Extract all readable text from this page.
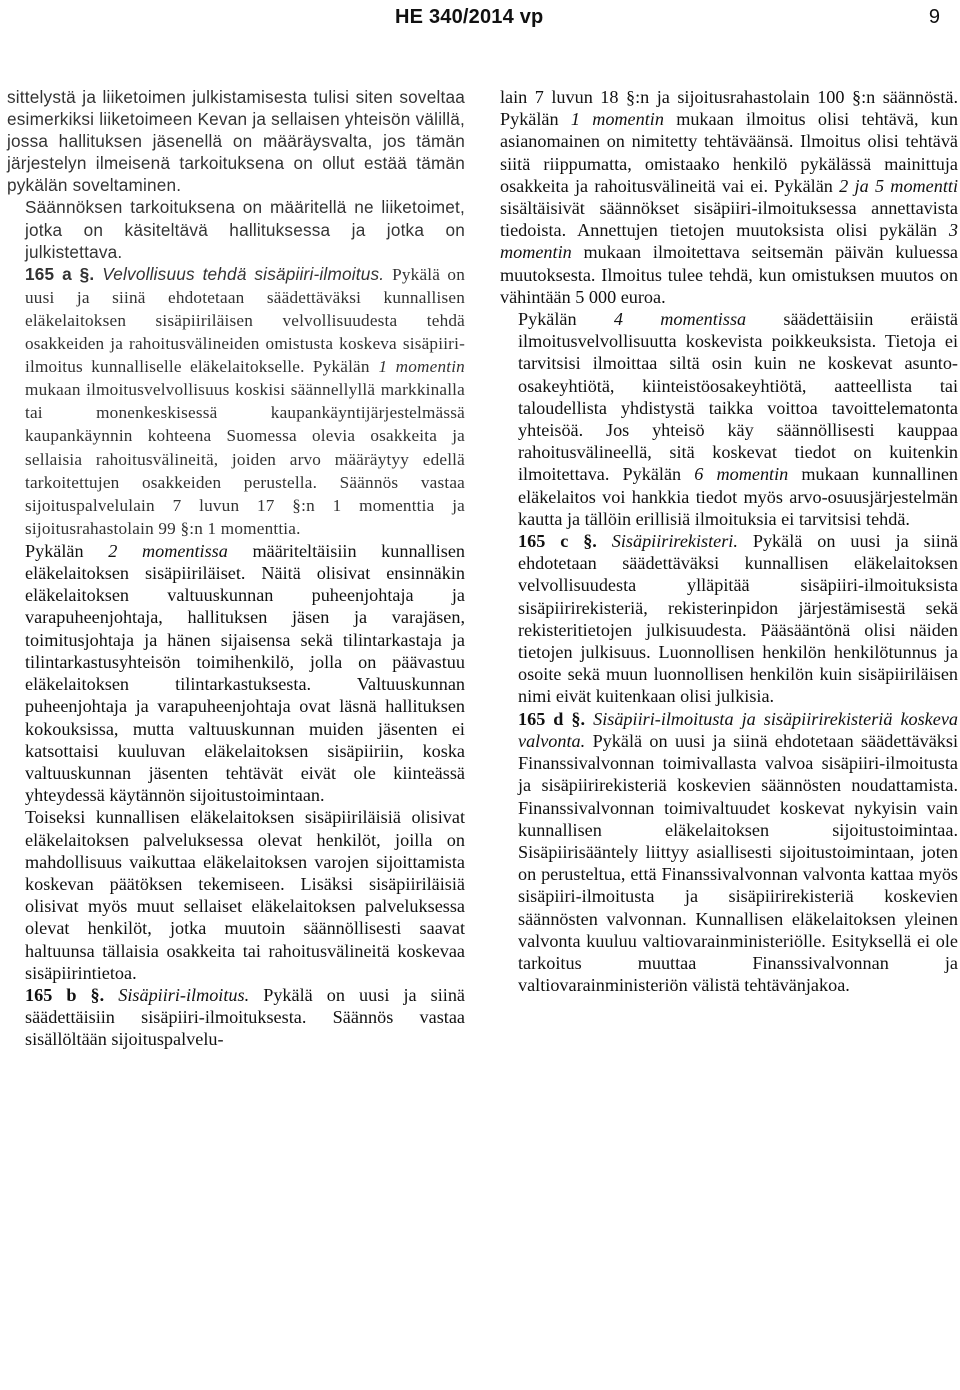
HE 340/2014 vp	9

sittelystä ja liiketoimen julkistamisesta tulisi siten soveltaa esimerkiksi liiketoimeen Kevan ja sellaisen yhteisön välillä, jossa hallituksen jäsenellä on määräysvalta, jos tämän järjestelyn ilmeisenä tarkoituksena on ollut estää tämän pykälän soveltaminen.

Säännöksen tarkoituksena on määritellä ne liiketoimet, jotka on käsiteltävä hallituksessa ja jotka on julkistettava.

165 a §. Velvollisuus tehdä sisäpiiri-ilmoitus. Pykälä on uusi ja siinä ehdotetaan säädettäväksi kunnallisen eläkelaitoksen sisäpiiriläisen velvollisuudesta tehdä osakkeiden ja rahoitusvälineiden omistusta koskeva sisäpiiri-ilmoitus kunnalliselle eläkelaitokselle. Pykälän 1 momentin mukaan ilmoitusvelvollisuus koskisi säännellyllä markkinalla tai monenkeskisessä kaupankäyntijärjestelmässä kaupankäynnin kohteena Suomessa olevia osakkeita ja sellaisia rahoitusvälineitä, joiden arvo määräytyy edellä tarkoitettujen osakkeiden perustella. Säännös vastaa sijoituspalvelulain 7 luvun 17 §:n 1 momenttia ja sijoitusrahastolain 99 §:n 1 momenttia.

Pykälän 2 momentissa määriteltäisiin kunnallisen eläkelaitoksen sisäpiiriläiset. Näitä olisivat ensinnäkin eläkelaitoksen valtuuskunnan puheenjohtaja ja varapuheenjohtaja, hallituksen jäsen ja varajäsen, toimitusjohtaja ja hänen sijaisensa sekä tilintarkastaja ja tilintarkastusyhteisön toimihenkilö, jolla on päävastuu eläkelaitoksen tilintarkastuksesta. Valtuuskunnan puheenjohtaja ja varapuheenjohtaja ovat läsnä hallituksen kokouksissa, mutta valtuuskunnan muiden jäsenten ei katsottaisi kuuluvan eläkelaitoksen sisäpiiriin, koska valtuuskunnan jäsenten tehtävät eivät ole kiinteässä yhteydessä käytännön sijoitustoimintaan.

Toiseksi kunnallisen eläkelaitoksen sisäpiiriläisiä olisivat eläkelaitoksen palveluksessa olevat henkilöt, joilla on mahdollisuus vaikuttaa eläkelaitoksen varojen sijoittamista koskevan päätöksen tekemiseen. Lisäksi sisäpiiriläisiä olisivat myös muut sellaiset eläkelaitoksen palveluksessa olevat henkilöt, jotka muutoin säännöllisesti saavat haltuunsa tällaisia osakkeita tai rahoitusvälineitä koskevaa sisäpiirintietoa.

165 b §. Sisäpiiri-ilmoitus. Pykälä on uusi ja siinä säädettäisiin sisäpiiri-ilmoituksesta. Säännös vastaa sisällöltään sijoituspalvelu-

lain 7 luvun 18 §:n ja sijoitusrahastolain 100 §:n säännöstä. Pykälän 1 momentin mukaan ilmoitus olisi tehtävä, kun asianomainen on nimitetty tehtäväänsä. Ilmoitus olisi tehtävä siitä riippumatta, omistaako henkilö pykälässä mainittuja osakkeita ja rahoitusvälineitä vai ei. Pykälän 2 ja 5 momentti sisältäisivät säännökset sisäpiiri-ilmoituksessa annettavista tiedoista. Annettujen tietojen muutoksista olisi pykälän 3 momentin mukaan ilmoitettava seitsemän päivän kuluessa muutoksesta. Ilmoitus tulee tehdä, kun omistuksen muutos on vähintään 5 000 euroa.

Pykälän 4 momentissa säädettäisiin eräistä ilmoitusvelvollisuutta koskevista poikkeuksista. Tietoja ei tarvitsisi ilmoittaa siltä osin kuin ne koskevat asunto-osakeyhtiötä, kiinteistöosakeyhtiötä, aatteellista tai taloudellista yhdistystä taikka voittoa tavoittelematonta yhteisöä. Jos yhteisö käy säännöllisesti kauppaa rahoitusvälineellä, sitä koskevat tiedot on kuitenkin ilmoitettava. Pykälän 6 momentin mukaan kunnallinen eläkelaitos voi hankkia tiedot myös arvo-osuusjärjestelmän kautta ja tällöin erillisiä ilmoituksia ei tarvitsisi tehdä.

165 c §. Sisäpiirirekisteri. Pykälä on uusi ja siinä ehdotetaan säädettäväksi kunnallisen eläkelaitoksen velvollisuudesta ylläpitää sisäpiiri-ilmoituksista sisäpiirirekisteriä, rekisterinpidon järjestämisestä sekä rekisteritietojen julkisuudesta. Pääsääntönä olisi näiden tietojen julkisuus. Luonnollisen henkilön henkilötunnus ja osoite sekä muun luonnollisen henkilön kuin sisäpiiriläisen nimi eivät kuitenkaan olisi julkisia.

165 d §. Sisäpiiri-ilmoitusta ja sisäpiirirekisteriä koskeva valvonta. Pykälä on uusi ja siinä ehdotetaan säädettäväksi Finanssivalvonnan toimivallasta valvoa sisäpiiri-ilmoitusta ja sisäpiirirekisteriä koskevien säännösten noudattamista. Finanssivalvonnan toimivaltuudet koskevat nykyisin vain kunnallisen eläkelaitoksen sijoitustoimintaa. Sisäpiirisääntely liittyy asiallisesti sijoitustoimintaan, joten on perusteltua, että Finanssivalvonnan valvonta kattaa myös sisäpiiri-ilmoitusta ja sisäpiirirekisteriä koskevien säännösten valvonnan. Kunnallisen eläkelaitoksen yleinen valvonta kuuluu valtiovarainministeriölle. Esityksellä ei ole tarkoitus muuttaa Finanssivalvonnan ja valtiovarainministeriön välistä tehtävänjakoa.
